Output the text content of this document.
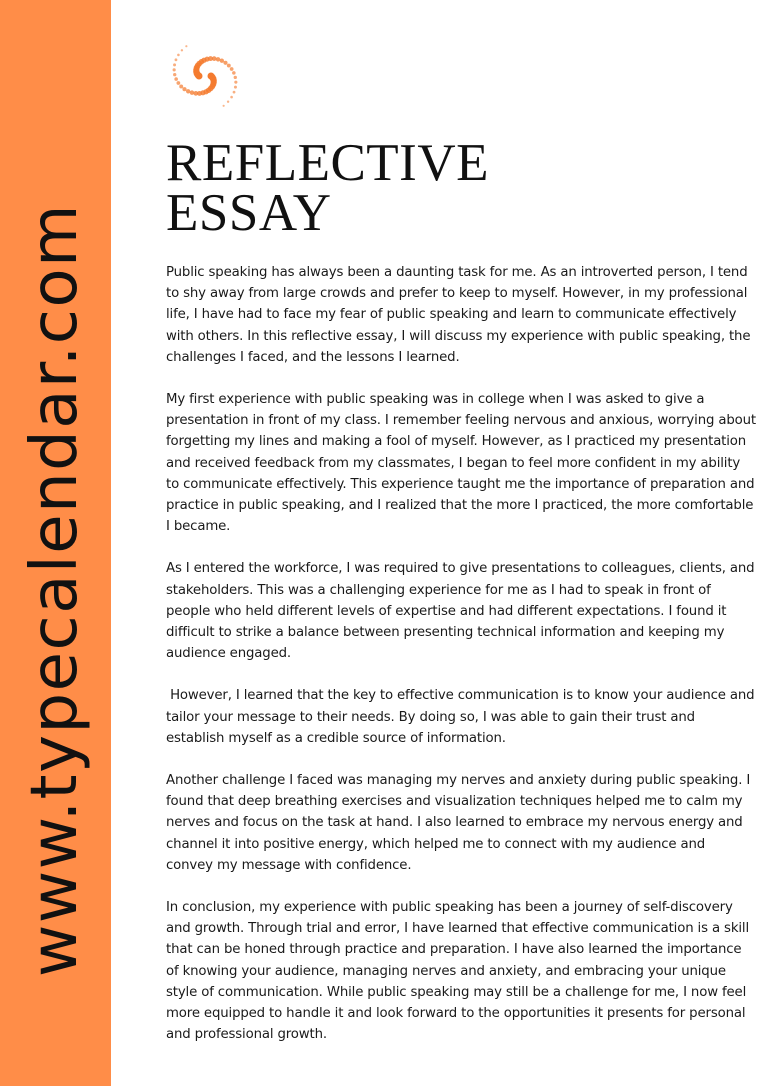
www.typecalendar.com
REFLECTIVE
ESSAY

Public speaking has always been a daunting task for me. As an introverted person, I tend to shy away from large crowds and prefer to keep to myself. However, in my professional life, I have had to face my fear of public speaking and learn to communicate effectively with others. In this reflective essay, I will discuss my experience with public speaking, the challenges I faced, and the lessons I learned.

My first experience with public speaking was in college when I was asked to give a presentation in front of my class. I remember feeling nervous and anxious, worrying about forgetting my lines and making a fool of myself. However, as I practiced my presentation and received feedback from my classmates, I began to feel more confident in my ability to communicate effectively. This experience taught me the importance of preparation and practice in public speaking, and I realized that the more I practiced, the more comfortable I became.

As I entered the workforce, I was required to give presentations to colleagues, clients, and stakeholders. This was a challenging experience for me as I had to speak in front of people who held different levels of expertise and had different expectations. I found it difficult to strike a balance between presenting technical information and keeping my audience engaged.

However, I learned that the key to effective communication is to know your audience and tailor your message to their needs. By doing so, I was able to gain their trust and establish myself as a credible source of information.

Another challenge I faced was managing my nerves and anxiety during public speaking. I found that deep breathing exercises and visualization techniques helped me to calm my nerves and focus on the task at hand. I also learned to embrace my nervous energy and channel it into positive energy, which helped me to connect with my audience and convey my message with confidence.

In conclusion, my experience with public speaking has been a journey of self-discovery and growth. Through trial and error, I have learned that effective communication is a skill that can be honed through practice and preparation. I have also learned the importance of knowing your audience, managing nerves and anxiety, and embracing your unique style of communication. While public speaking may still be a challenge for me, I now feel more equipped to handle it and look forward to the opportunities it presents for personal and professional growth.
